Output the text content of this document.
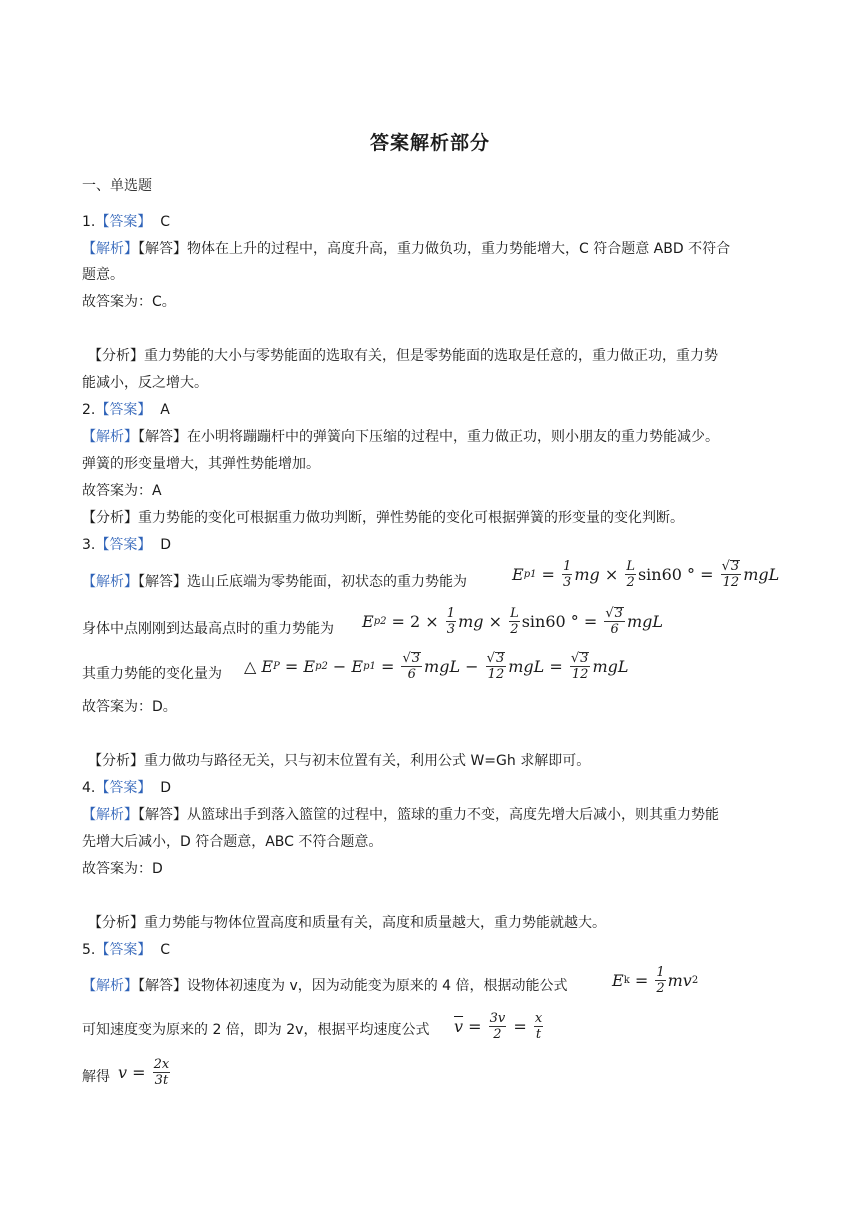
答案解析部分
一、单选题
1.【答案】 C
【解析】【解答】物体在上升的过程中，高度升高，重力做负功，重力势能增大，C 符合题意 ABD 不符合
题意。
故答案为：C。
【分析】重力势能的大小与零势能面的选取有关，但是零势能面的选取是任意的，重力做正功，重力势
能减小，反之增大。
2.【答案】 A
【解析】【解答】在小明将蹦蹦杆中的弹簧向下压缩的过程中，重力做正功，则小朋友的重力势能减少。
弹簧的形变量增大，其弹性势能增加。
故答案为：A
【分析】重力势能的变化可根据重力做功判断，弹性势能的变化可根据弹簧的形变量的变化判断。
3.【答案】 D
【解析】【解答】选山丘底端为零势能面，初状态的重力势能为	E $p1 = \frac{1}{3}$ mg × $\frac{L}{2} \sin 60$ ° = $\frac{√ 3}{12}$ mgL
身体中点刚刚到达最高点时的重力势能为 E $p2 = 2 \times \frac{1}{3}$ mg × $\frac{L}{2} \sin 60$ ° = $\frac{√ 3}{6}$ mgL
其重力势能的变化量为 △ E P = E p2 − E $p1 = \frac{√ 3}{6}$ mgL − $\frac{√ 3}{12}$ mgL = $\frac{√ 3}{12}$ mgL
故答案为：D。
【分析】重力做功与路径无关，只与初末位置有关，利用公式 W=Gh 求解即可。
4.【答案】 D
【解析】【解答】从篮球出手到落入篮筐的过程中，篮球的重力不变，高度先增大后减小，则其重力势能
先增大后减小，D 符合题意，ABC 不符合题意。
故答案为：D
【分析】重力势能与物体位置高度和质量有关，高度和质量越大，重力势能就越大。
5.【答案】 C
【解析】【解答】设物体初速度为 v，因为动能变为原来的 4 倍，根据动能公式	E $k = \frac{1}{2}$ mv 2
可知速度变为原来的 2 倍，即为 2v，根据平均速度公式 $\overline{v} = \frac{3v}{2} = \frac{x}{t}$
解得 $v = \frac{2x}{3t}$
